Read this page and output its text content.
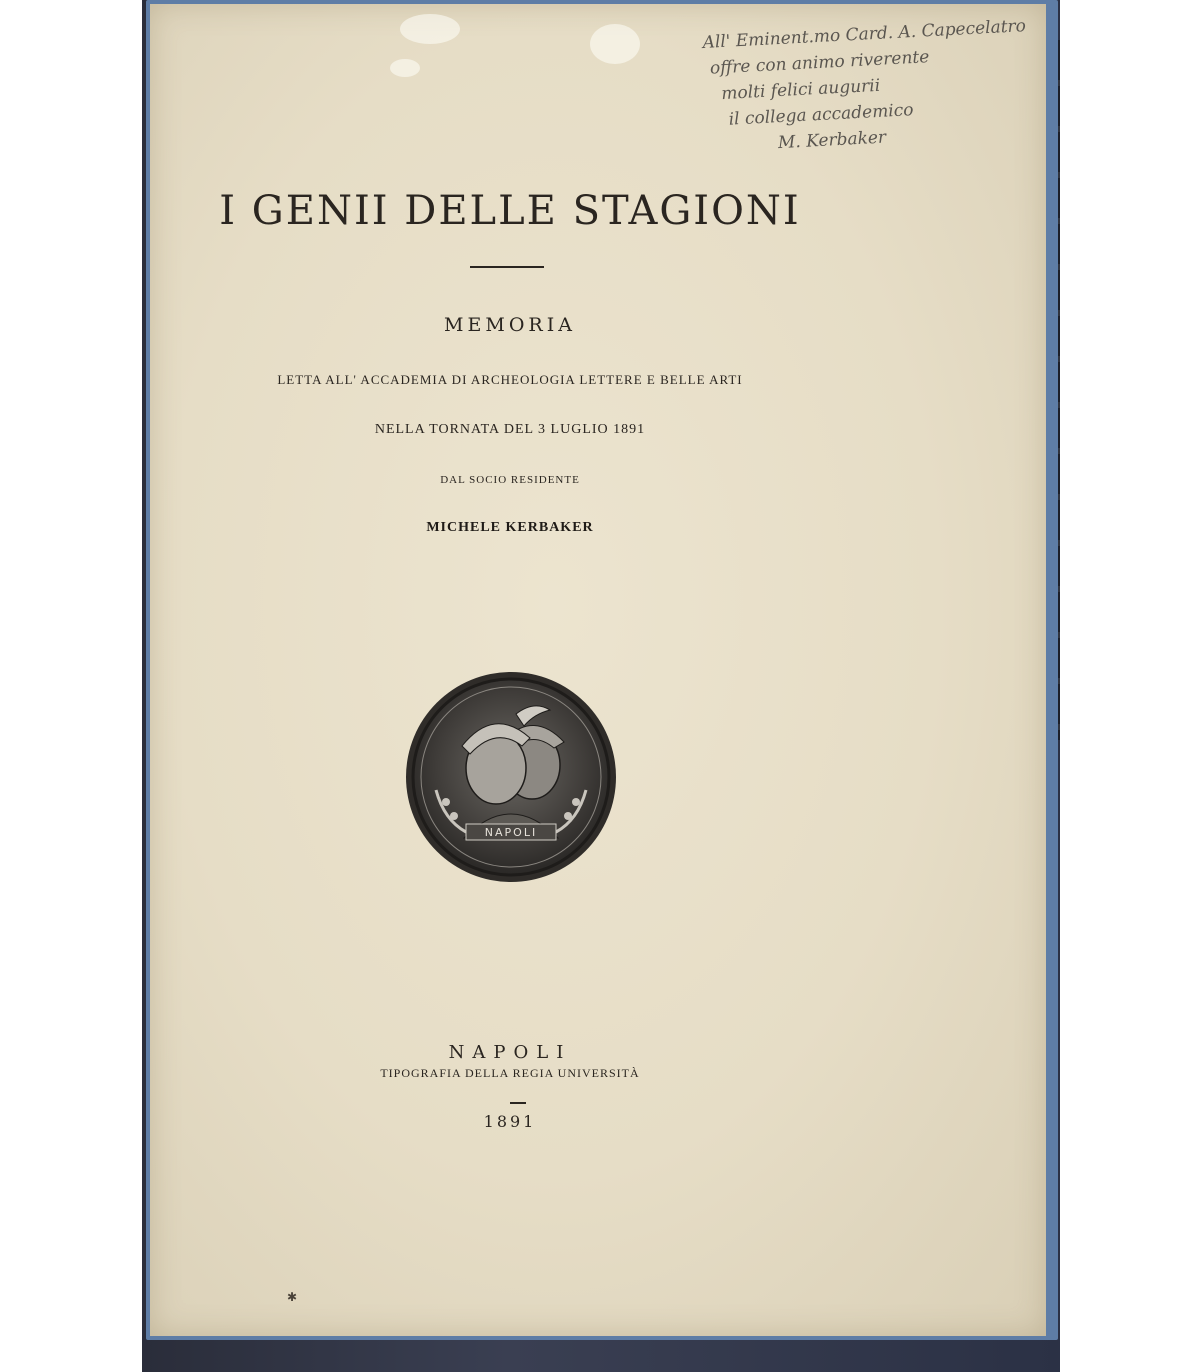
All' Eminent.mo Card. A. Capecelatro
offre con animo riverente
molti felici augurii
il collega accademico
M. Kerbaker
I GENII DELLE STAGIONI
MEMORIA
LETTA ALL' ACCADEMIA DI ARCHEOLOGIA LETTERE E BELLE ARTI
NELLA TORNATA DEL 3 LUGLIO 1891
DAL SOCIO RESIDENTE
MICHELE KERBAKER
NAPOLI
NAPOLI
TIPOGRAFIA DELLA REGIA UNIVERSITÀ
1891
✱
